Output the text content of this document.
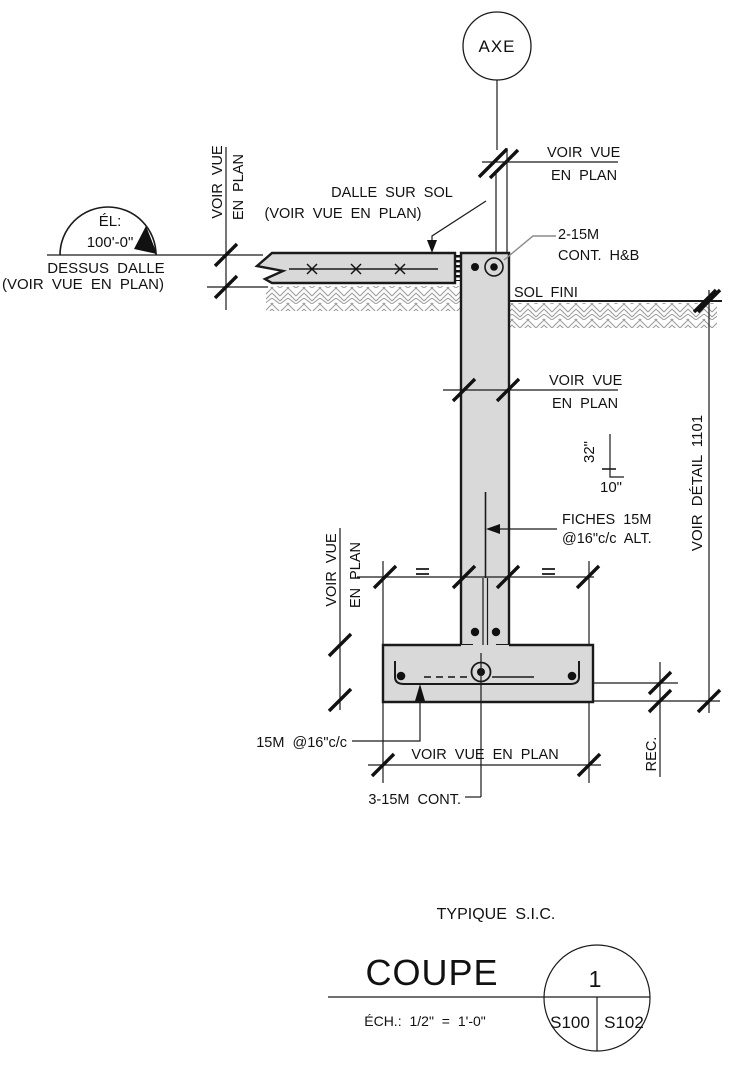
AXE
VOIR VUE
EN PLAN
ÉL:
100'-0"
DESSUS DALLE
(VOIR VUE EN PLAN)
VOIR VUE EN PLAN	DALLE SUR SOL
(VOIR VUE EN PLAN)
SOL FINI
2-15M
CONT. H&B
VOIR VUE
EN PLAN
32"
10"
FICHES 15M
@16"c/c ALT. VOIR DÉTAIL 1101
VOIR VUE EN PLAN
REC.
15M @16"c/c
VOIR VUE EN PLAN
3-15M CONT.
TYPIQUE S.I.C.
COUPE
ÉCH.: 1/2" = 1'-0"
1
S100 S102
